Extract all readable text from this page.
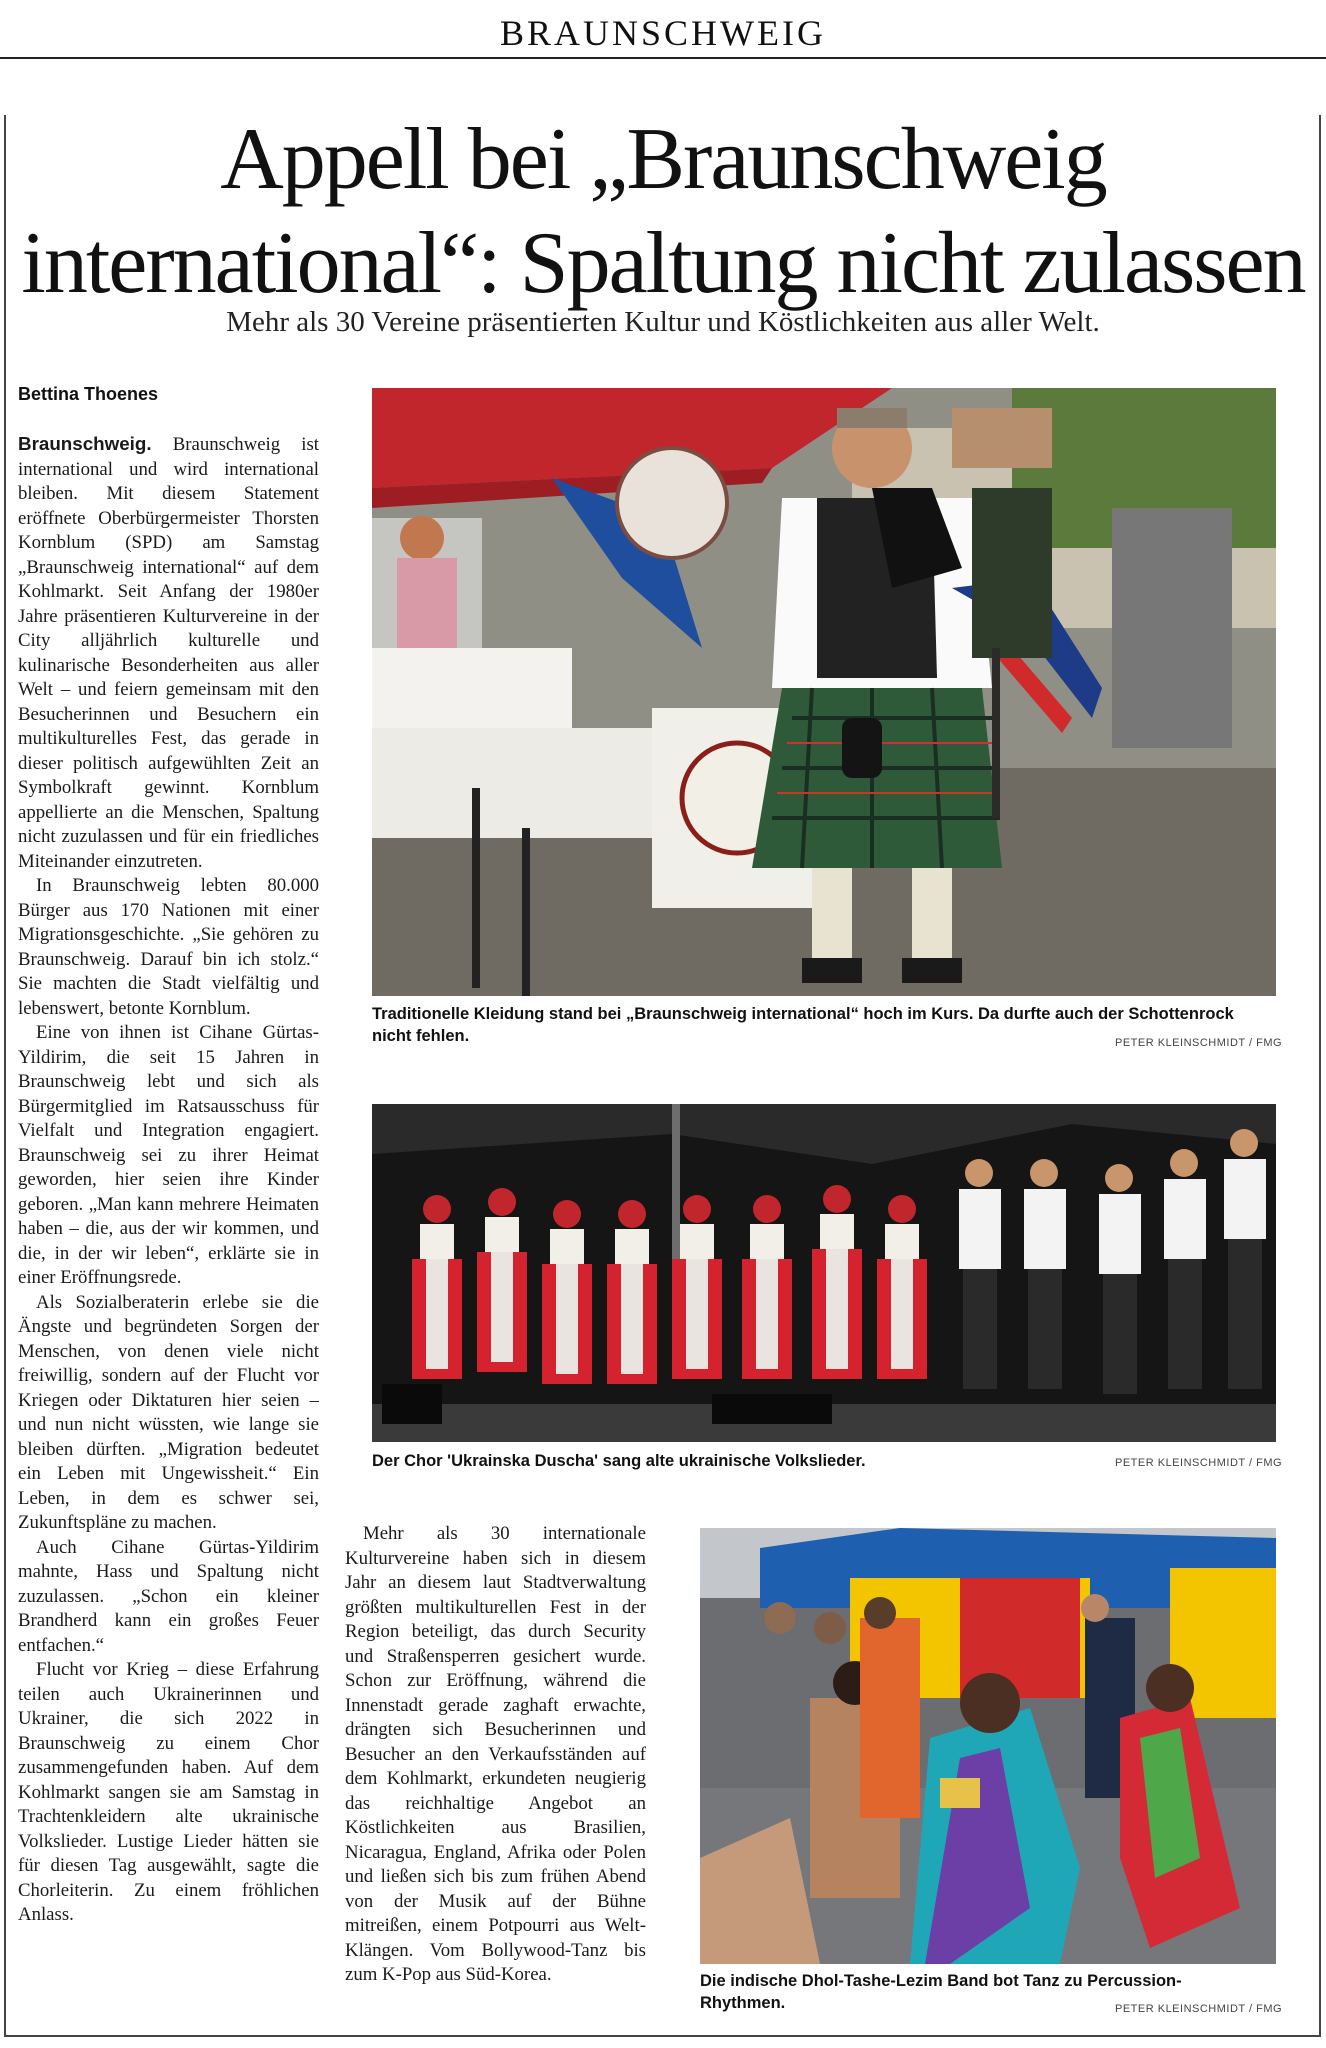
BRAUNSCHWEIG
Appell bei „Braunschweig
international“: Spaltung nicht zulassen
Mehr als 30 Vereine präsentierten Kultur und Köstlichkeiten aus aller Welt.
Bettina Thoenes

Braunschweig. Braunschweig ist international und wird international bleiben. Mit diesem Statement eröffnete Oberbürgermeister Thorsten Kornblum (SPD) am Samstag „Braunschweig international“ auf dem Kohlmarkt. Seit Anfang der 1980er Jahre präsentieren Kulturvereine in der City alljährlich kulturelle und kulinarische Besonderheiten aus aller Welt – und feiern gemeinsam mit den Besucherinnen und Besuchern ein multikulturelles Fest, das gerade in dieser politisch aufgewühlten Zeit an Symbolkraft gewinnt. Kornblum appellierte an die Menschen, Spaltung nicht zuzulassen und für ein friedliches Miteinander einzutreten.

In Braunschweig lebten 80.000 Bürger aus 170 Nationen mit einer Migrationsgeschichte. „Sie gehören zu Braunschweig. Darauf bin ich stolz.“ Sie machten die Stadt vielfältig und lebenswert, betonte Kornblum.

Eine von ihnen ist Cihane Gürtas-Yildirim, die seit 15 Jahren in Braunschweig lebt und sich als Bürgermitglied im Ratsausschuss für Vielfalt und Integration engagiert. Braunschweig sei zu ihrer Heimat geworden, hier seien ihre Kinder geboren. „Man kann mehrere Heimaten haben – die, aus der wir kommen, und die, in der wir leben“, erklärte sie in einer Eröffnungsrede.

Als Sozialberaterin erlebe sie die Ängste und begründeten Sorgen der Menschen, von denen viele nicht freiwillig, sondern auf der Flucht vor Kriegen oder Diktaturen hier seien – und nun nicht wüssten, wie lange sie bleiben dürften. „Migration bedeutet ein Leben mit Ungewissheit.“ Ein Leben, in dem es schwer sei, Zukunftspläne zu machen.

Auch Cihane Gürtas-Yildirim mahnte, Hass und Spaltung nicht zuzulassen. „Schon ein kleiner Brandherd kann ein großes Feuer entfachen.“

Flucht vor Krieg – diese Erfahrung teilen auch Ukrainerinnen und Ukrainer, die sich 2022 in Braunschweig zu einem Chor zusammengefunden haben. Auf dem Kohlmarkt sangen sie am Samstag in Trachtenkleidern alte ukrainische Volkslieder. Lustige Lieder hätten sie für diesen Tag ausgewählt, sagte die Chorleiterin. Zu einem fröhlichen Anlass.

Mehr als 30 internationale Kulturvereine haben sich in diesem Jahr an diesem laut Stadtverwaltung größten multikulturellen Fest in der Region beteiligt, das durch Security und Straßensperren gesichert wurde. Schon zur Eröffnung, während die Innenstadt gerade zaghaft erwachte, drängten sich Besucherinnen und Besucher an den Verkaufsständen auf dem Kohlmarkt, erkundeten neugierig das reichhaltige Angebot an Köstlichkeiten aus Brasilien, Nicaragua, England, Afrika oder Polen und ließen sich bis zum frühen Abend von der Musik auf der Bühne mitreißen, einem Potpourri aus Welt-Klängen. Vom Bollywood-Tanz bis zum K-Pop aus Süd-Korea.

Traditionelle Kleidung stand bei „Braunschweig international“ hoch im Kurs. Da durfte auch der Schottenrock nicht fehlen.	PETER KLEINSCHMIDT / FMG
Der Chor 'Ukrainska Duscha' sang alte ukrainische Volkslieder.	PETER KLEINSCHMIDT / FMG
Die indische Dhol-Tashe-Lezim Band bot Tanz zu Percussion-Rhythmen.	PETER KLEINSCHMIDT / FMG
